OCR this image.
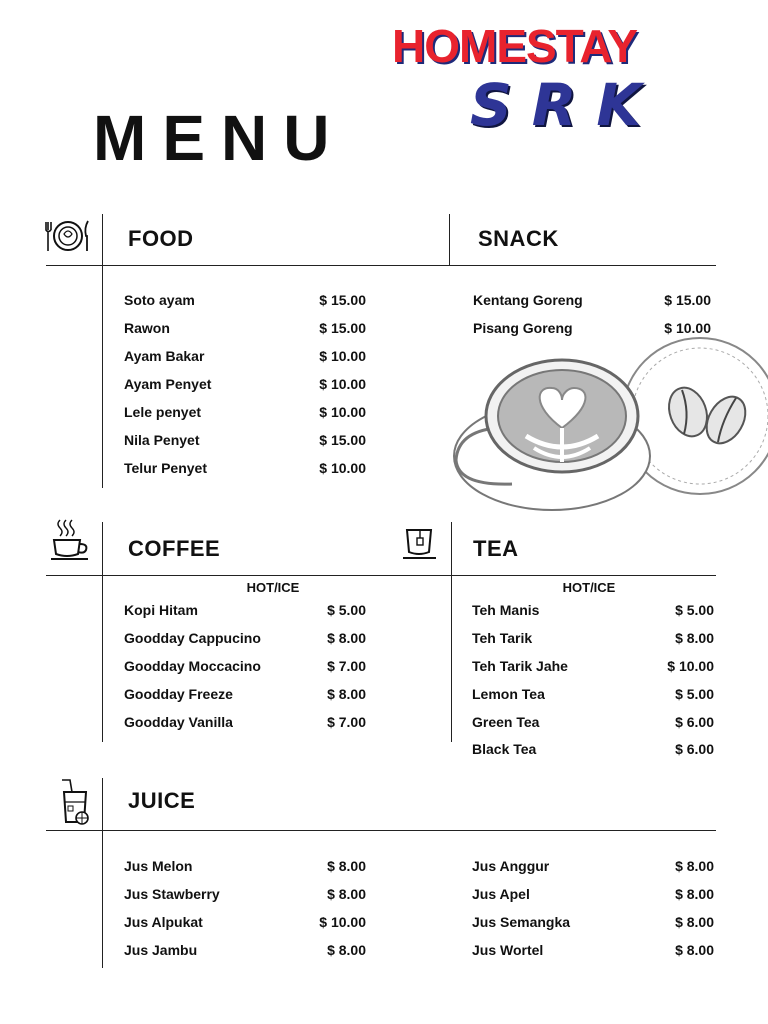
MENU
HOMESTAY
SRK
FOOD	SNACK
Soto ayam	$ 15.00
Rawon	$ 15.00
Ayam Bakar	$ 10.00
Ayam Penyet	$ 10.00
Lele penyet	$ 10.00
Nila Penyet	$ 15.00
Telur Penyet	$ 10.00
Kentang Goreng	$ 15.00
Pisang Goreng	$ 10.00
COFFEE	TEA
HOT/ICE	HOT/ICE
Kopi Hitam	$ 5.00
Goodday Cappucino	$ 8.00
Goodday Moccacino	$ 7.00
Goodday Freeze	$ 8.00
Goodday Vanilla	$ 7.00
Teh Manis	$ 5.00
Teh Tarik	$ 8.00
Teh Tarik Jahe	$ 10.00
Lemon Tea	$ 5.00
Green Tea	$ 6.00
Black Tea	$ 6.00
JUICE
Jus Melon	$ 8.00
Jus Stawberry	$ 8.00
Jus Alpukat	$ 10.00
Jus Jambu	$ 8.00
Jus Anggur	$ 8.00
Jus Apel	$ 8.00
Jus Semangka	$ 8.00
Jus Wortel	$ 8.00
